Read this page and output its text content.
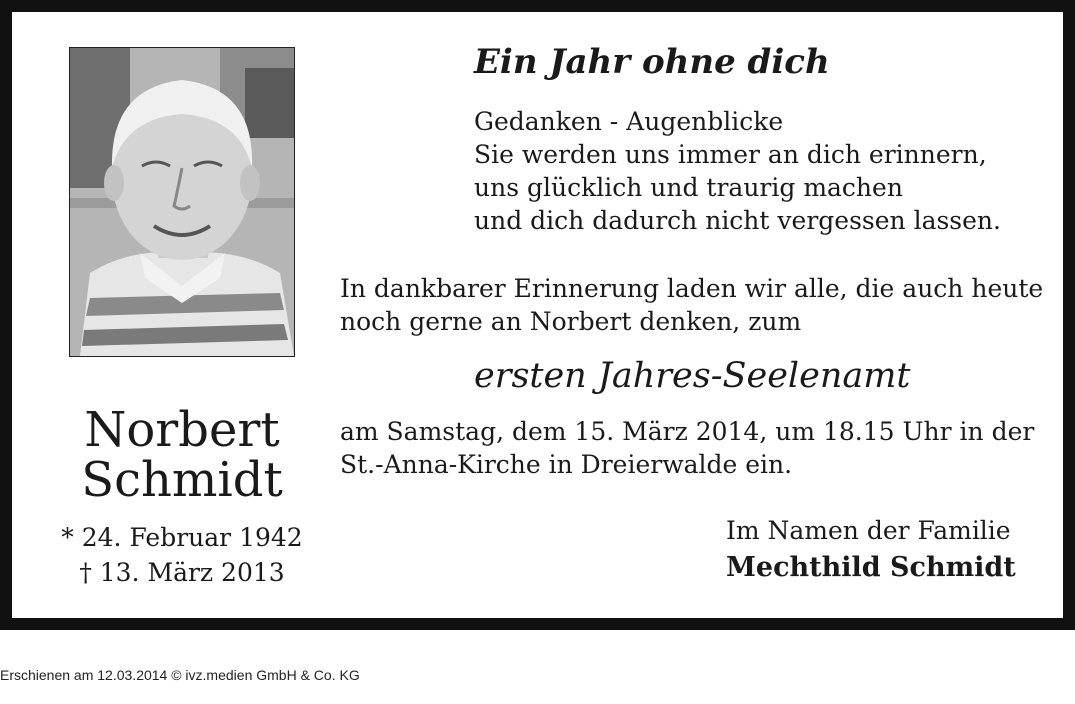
Norbert
Schmidt
* 24. Februar 1942
† 13. März 2013
Ein Jahr ohne dich
Gedanken - Augenblicke
Sie werden uns immer an dich erinnern,
uns glücklich und traurig machen
und dich dadurch nicht vergessen lassen.
In dankbarer Erinnerung laden wir alle, die auch heute
noch gerne an Norbert denken, zum
ersten Jahres-Seelenamt
am Samstag, dem 15. März 2014, um 18.15 Uhr in der
St.-Anna-Kirche in Dreierwalde ein.
Im Namen der Familie
Mechthild Schmidt
Erschienen am 12.03.2014 © ivz.medien GmbH & Co. KG
